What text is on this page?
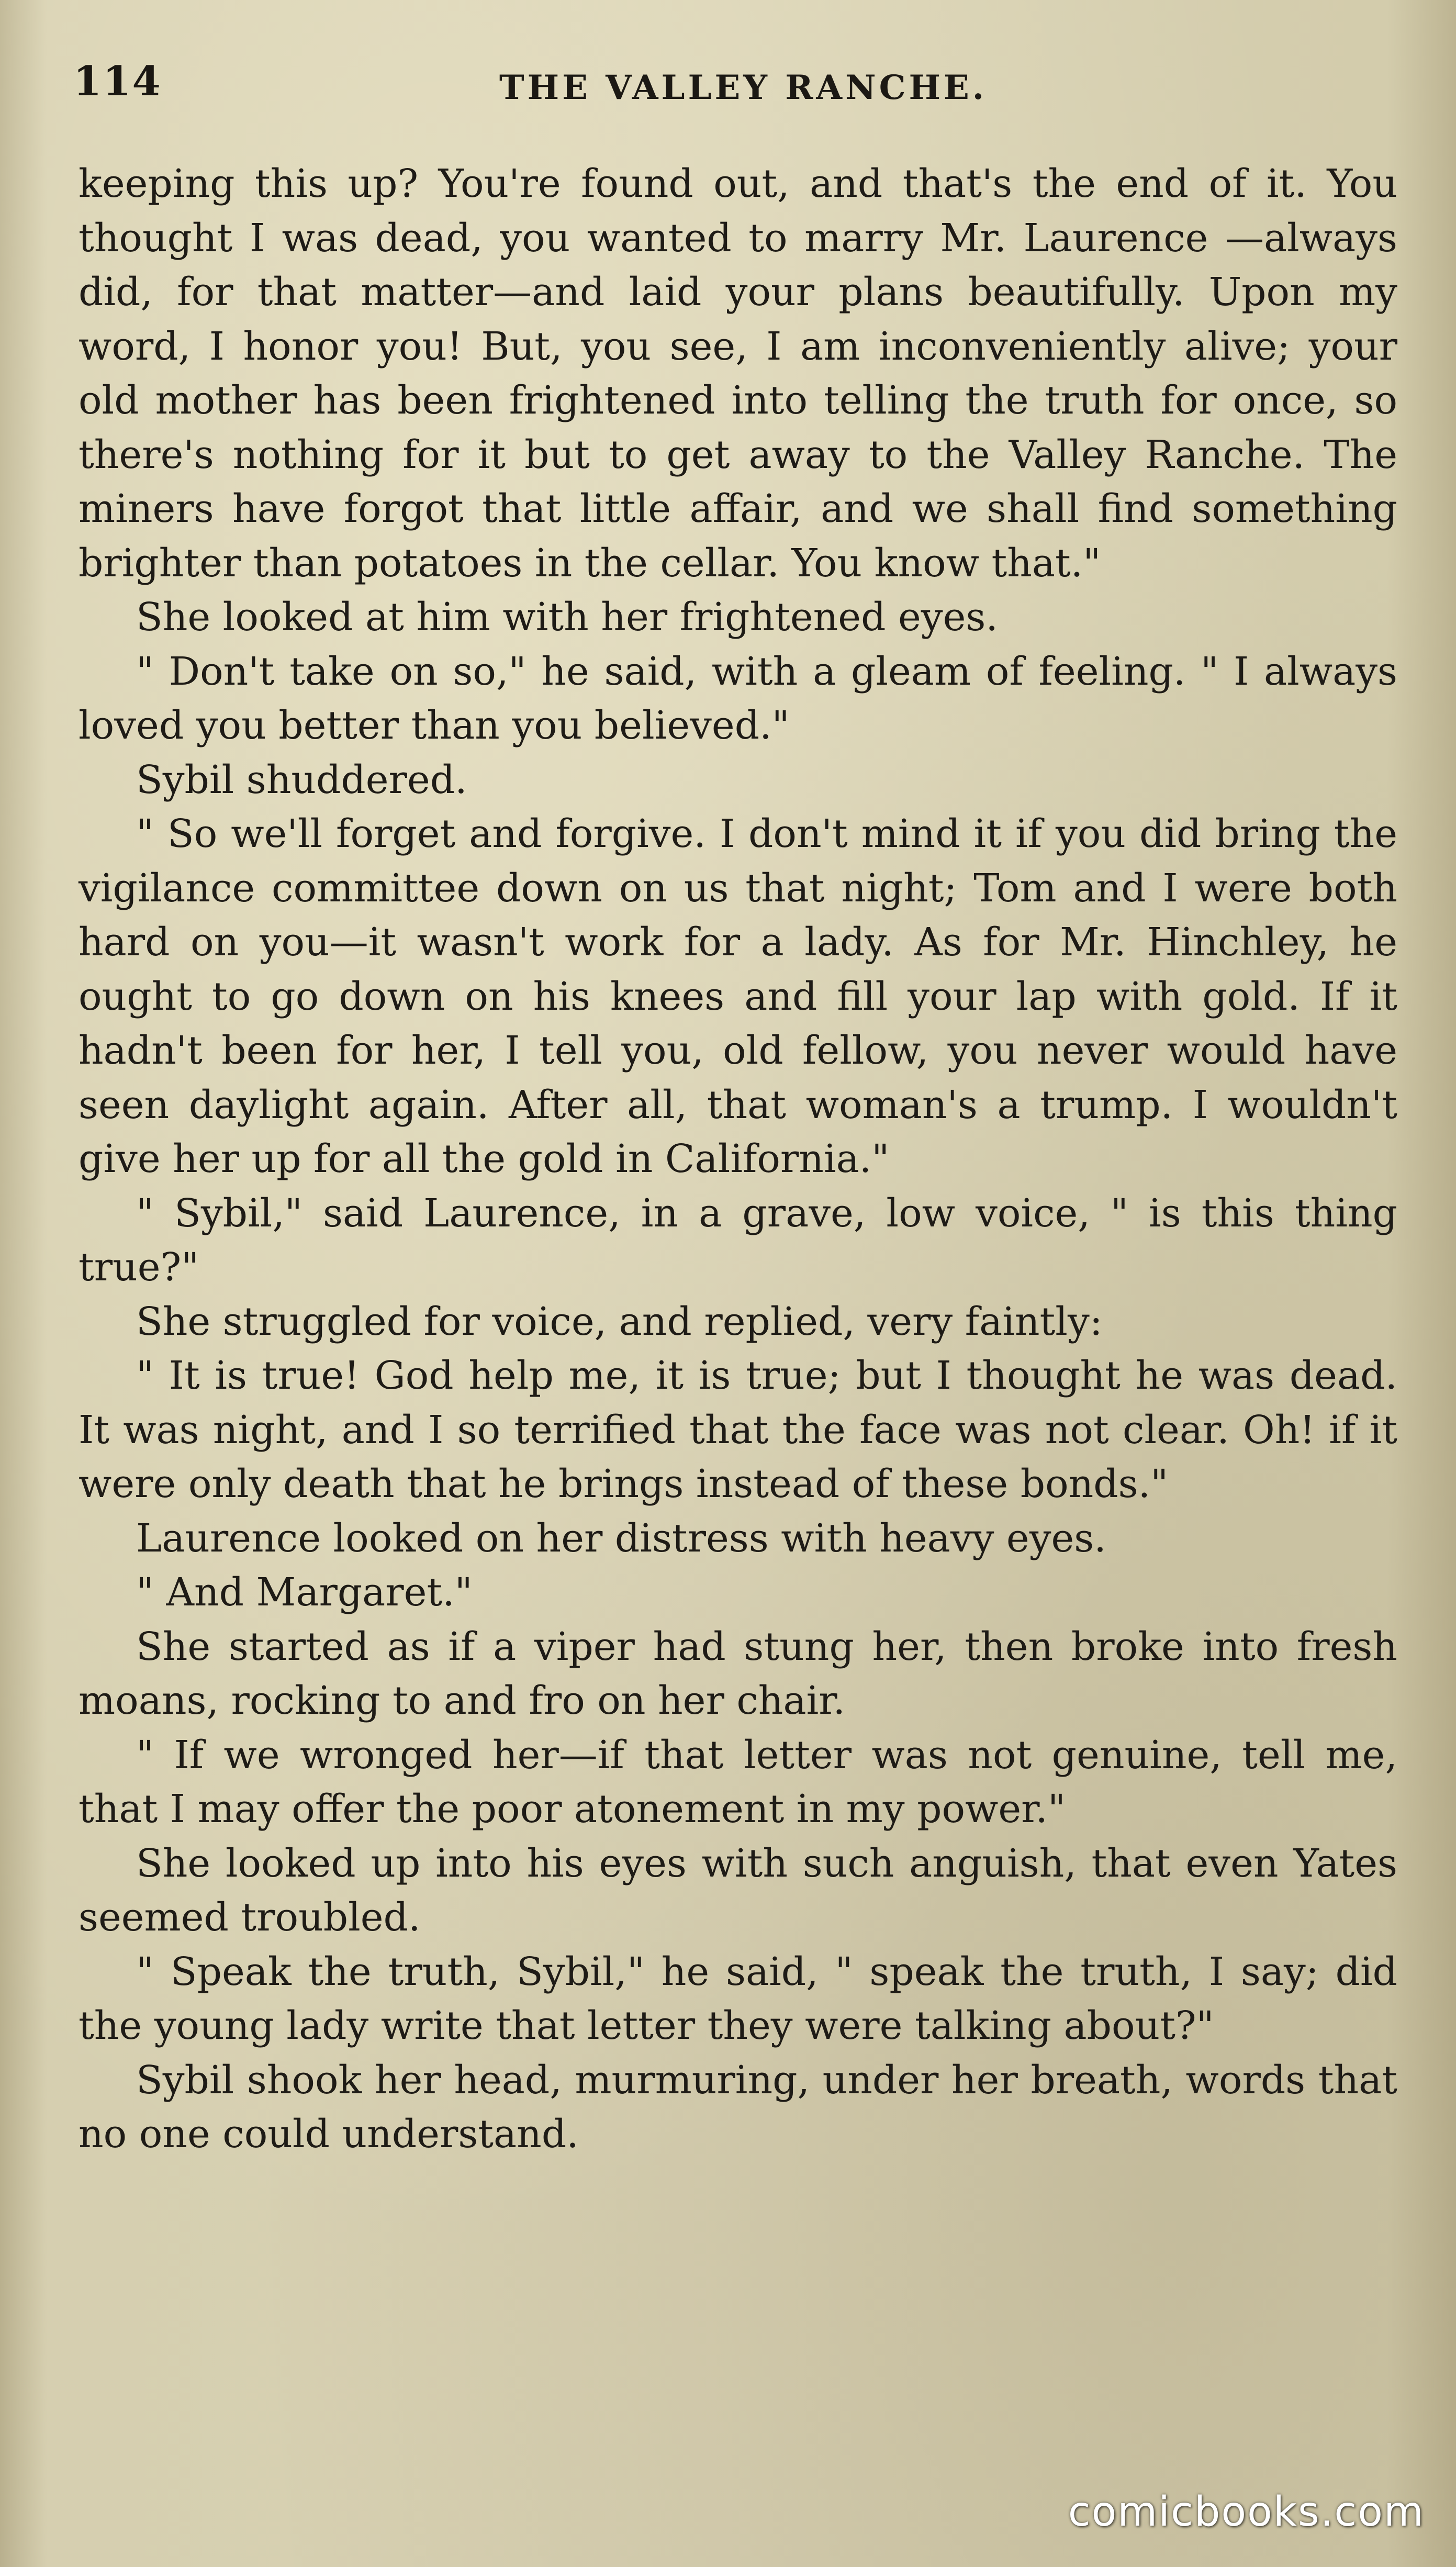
114	THE VALLEY RANCHE.

keeping this up? You're found out, and that's the end of it. You thought I was dead, you wanted to marry Mr. Laurence —always did, for that matter—and laid your plans beautifully. Upon my word, I honor you! But, you see, I am inconveniently alive; your old mother has been frightened into telling the truth for once, so there's nothing for it but to get away to the Valley Ranche. The miners have forgot that little affair, and we shall find something brighter than potatoes in the cellar. You know that."

She looked at him with her frightened eyes.

" Don't take on so," he said, with a gleam of feeling. " I always loved you better than you believed."

Sybil shuddered.

" So we'll forget and forgive. I don't mind it if you did bring the vigilance committee down on us that night; Tom and I were both hard on you—it wasn't work for a lady. As for Mr. Hinchley, he ought to go down on his knees and fill your lap with gold. If it hadn't been for her, I tell you, old fellow, you never would have seen daylight again. After all, that woman's a trump. I wouldn't give her up for all the gold in California."

" Sybil," said Laurence, in a grave, low voice, " is this thing true?"

She struggled for voice, and replied, very faintly:

" It is true! God help me, it is true; but I thought he was dead. It was night, and I so terrified that the face was not clear. Oh! if it were only death that he brings instead of these bonds."

Laurence looked on her distress with heavy eyes.

" And Margaret."

She started as if a viper had stung her, then broke into fresh moans, rocking to and fro on her chair.

" If we wronged her—if that letter was not genuine, tell me, that I may offer the poor atonement in my power."

She looked up into his eyes with such anguish, that even Yates seemed troubled.

" Speak the truth, Sybil," he said, " speak the truth, I say; did the young lady write that letter they were talking about?"

Sybil shook her head, murmuring, under her breath, words that no one could understand.

comicbooks.com
